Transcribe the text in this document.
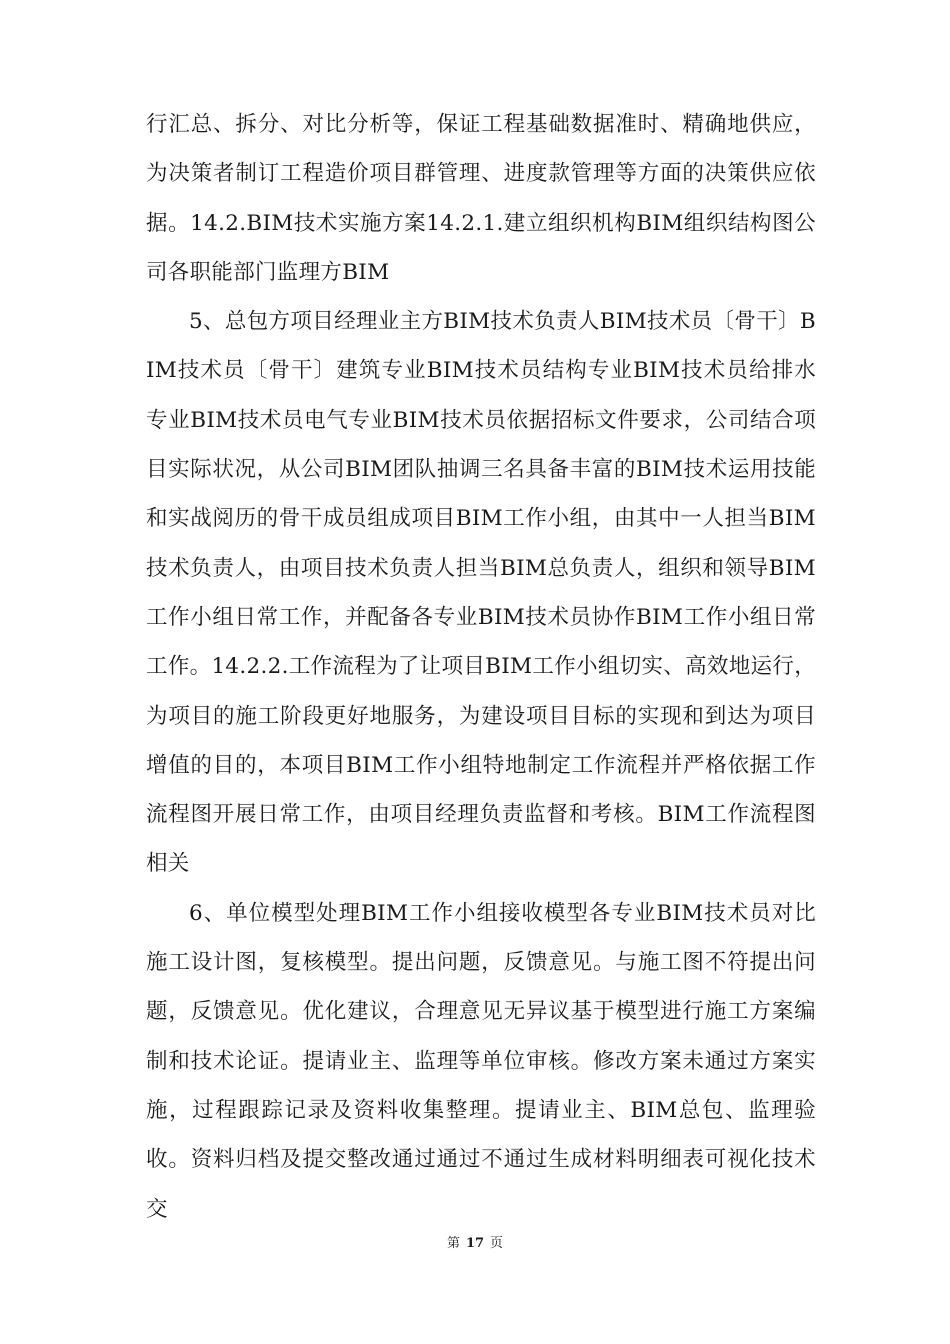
行汇总、拆分、对比分析等，保证工程基础数据准时、精确地供应，为决策者制订工程造价项目群管理、进度款管理等方面的决策供应依据。14.2.BIM技术实施方案14.2.1.建立组织机构BIM组织结构图公司各职能部门监理方BIM

5、总包方项目经理业主方BIM技术负责人BIM技术员〔骨干〕BIM技术员〔骨干〕建筑专业BIM技术员结构专业BIM技术员给排水专业BIM技术员电气专业BIM技术员依据招标文件要求，公司结合项目实际状况，从公司BIM团队抽调三名具备丰富的BIM技术运用技能和实战阅历的骨干成员组成项目BIM工作小组，由其中一人担当BIM技术负责人，由项目技术负责人担当BIM总负责人，组织和领导BIM工作小组日常工作，并配备各专业BIM技术员协作BIM工作小组日常工作。14.2.2.工作流程为了让项目BIM工作小组切实、高效地运行，为项目的施工阶段更好地服务，为建设项目目标的实现和到达为项目增值的目的，本项目BIM工作小组特地制定工作流程并严格依据工作流程图开展日常工作，由项目经理负责监督和考核。BIM工作流程图相关

6、单位模型处理BIM工作小组接收模型各专业BIM技术员对比施工设计图，复核模型。提出问题，反馈意见。与施工图不符提出问题，反馈意见。优化建议，合理意见无异议基于模型进行施工方案编制和技术论证。提请业主、监理等单位审核。修改方案未通过方案实施，过程跟踪记录及资料收集整理。提请业主、BIM总包、监理验收。资料归档及提交整改通过通过不通过生成材料明细表可视化技术交

第 17 页
